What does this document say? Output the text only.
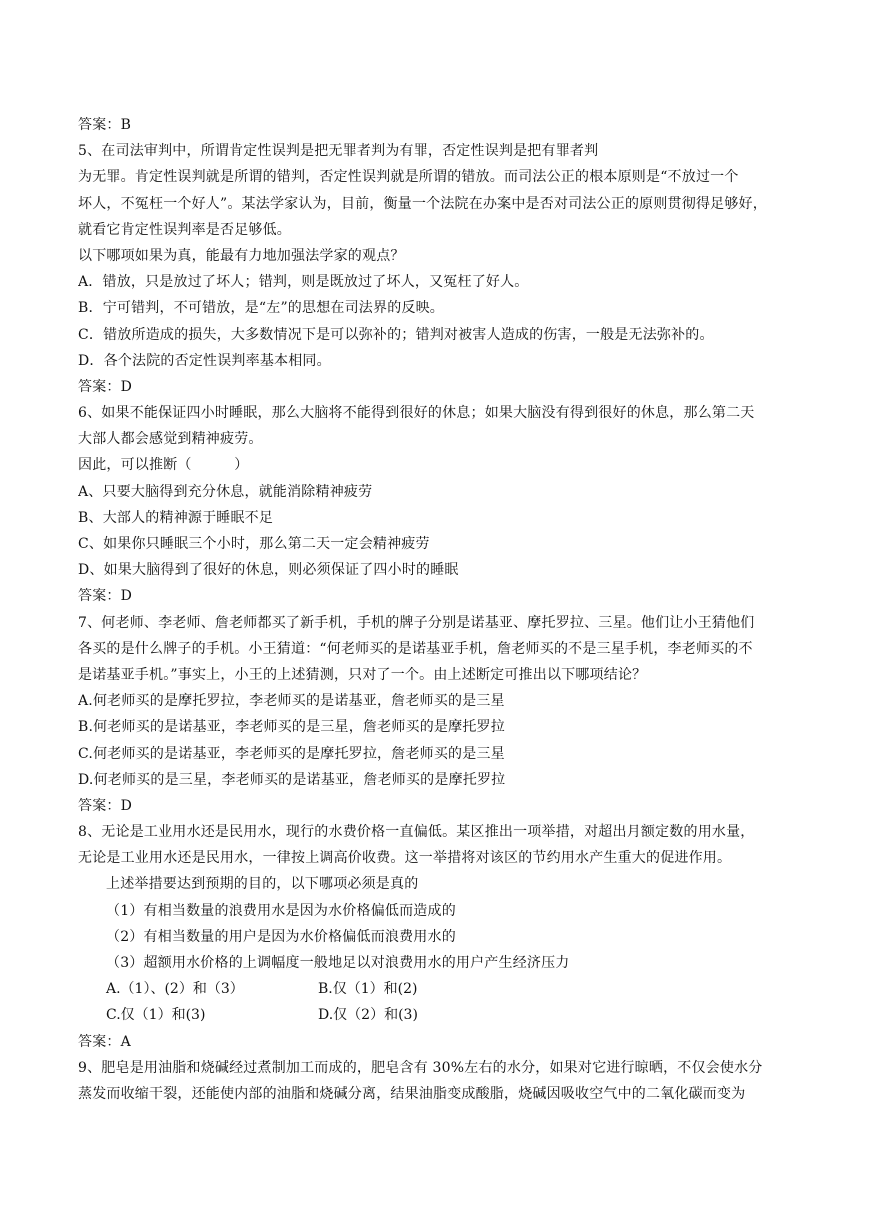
答案：B
5、在司法审判中，所谓肯定性误判是把无罪者判为有罪，否定性误判是把有罪者判
为无罪。肯定性误判就是所谓的错判，否定性误判就是所谓的错放。而司法公正的根本原则是“不放过一个
坏人，不冤枉一个好人”。某法学家认为，目前，衡量一个法院在办案中是否对司法公正的原则贯彻得足够好，
就看它肯定性误判率是否足够低。
以下哪项如果为真，能最有力地加强法学家的观点？
A．错放，只是放过了坏人；错判，则是既放过了坏人，又冤枉了好人。
B．宁可错判，不可错放，是“左”的思想在司法界的反映。
C．错放所造成的损失，大多数情况下是可以弥补的；错判对被害人造成的伤害，一般是无法弥补的。
D．各个法院的否定性误判率基本相同。
答案：D
6、如果不能保证四小时睡眠，那么大脑将不能得到很好的休息；如果大脑没有得到很好的休息，那么第二天
大部人都会感觉到精神疲劳。
因此，可以推断（　　　）
A、只要大脑得到充分休息，就能消除精神疲劳
B、大部人的精神源于睡眠不足
C、如果你只睡眠三个小时，那么第二天一定会精神疲劳
D、如果大脑得到了很好的休息，则必须保证了四小时的睡眠
答案：D
7、何老师、李老师、詹老师都买了新手机，手机的牌子分别是诺基亚、摩托罗拉、三星。他们让小王猜他们
各买的是什么牌子的手机。小王猜道：“何老师买的是诺基亚手机，詹老师买的不是三星手机，李老师买的不
是诺基亚手机。”事实上，小王的上述猜测，只对了一个。由上述断定可推出以下哪项结论？
A.何老师买的是摩托罗拉，李老师买的是诺基亚，詹老师买的是三星
B.何老师买的是诺基亚，李老师买的是三星，詹老师买的是摩托罗拉
C.何老师买的是诺基亚，李老师买的是摩托罗拉，詹老师买的是三星
D.何老师买的是三星，李老师买的是诺基亚，詹老师买的是摩托罗拉
答案：D
8、无论是工业用水还是民用水，现行的水费价格一直偏低。某区推出一项举措，对超出月额定数的用水量，
无论是工业用水还是民用水，一律按上调高价收费。这一举措将对该区的节约用水产生重大的促进作用。
上述举措要达到预期的目的，以下哪项必须是真的
（1）有相当数量的浪费用水是因为水价格偏低而造成的
（2）有相当数量的用户是因为水价格偏低而浪费用水的
（3）超额用水价格的上调幅度一般地足以对浪费用水的用户产生经济压力
A.（1）、(2）和（3）	B.仅（1）和(2)
C.仅（1）和(3)	D.仅（2）和(3)
答案：A
9、肥皂是用油脂和烧碱经过煮制加工而成的，肥皂含有 30%左右的水分，如果对它进行晾晒，不仅会使水分
蒸发而收缩干裂，还能使内部的油脂和烧碱分离，结果油脂变成酸脂，烧碱因吸收空气中的二氧化碳而变为
